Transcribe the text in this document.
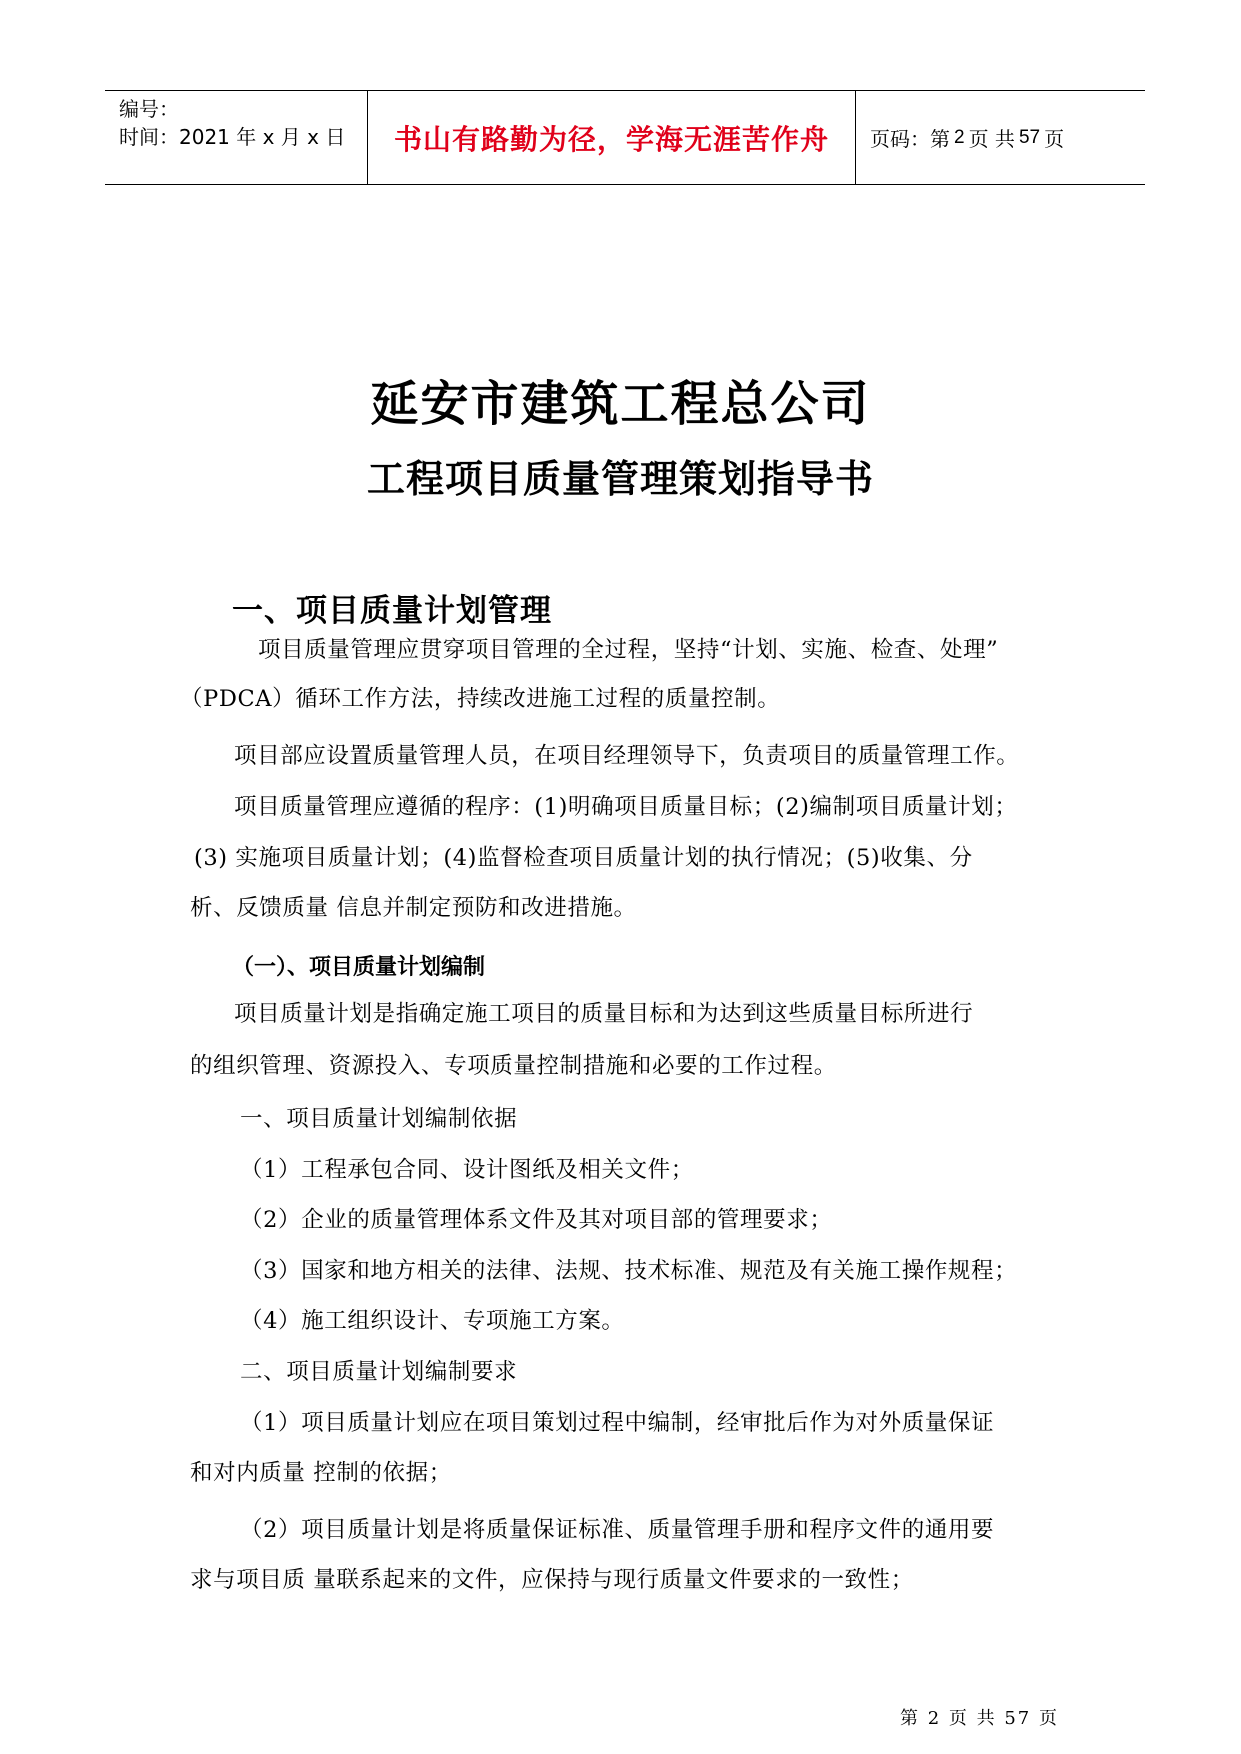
编号：
时间：2021 年 x 月 x 日	书山有路勤为径，学海无涯苦作舟 页码：第 2 页 共 57 页
延安市建筑工程总公司
工程项目质量管理策划指导书
一、项目质量计划管理
项目质量管理应贯穿项目管理的全过程，坚持“计划、实施、检查、处理”
（PDCA）循环工作方法，持续改进施工过程的质量控制。
项目部应设置质量管理人员，在项目经理领导下，负责项目的质量管理工作。
项目质量管理应遵循的程序：(1)明确项目质量目标；(2)编制项目质量计划；
(3) 实施项目质量计划；(4)监督检查项目质量计划的执行情况；(5)收集、分
析、反馈质量 信息并制定预防和改进措施。
（一）、项目质量计划编制
项目质量计划是指确定施工项目的质量目标和为达到这些质量目标所进行
的组织管理、资源投入、专项质量控制措施和必要的工作过程。
一、项目质量计划编制依据
（1）工程承包合同、设计图纸及相关文件；
（2）企业的质量管理体系文件及其对项目部的管理要求；
（3）国家和地方相关的法律、法规、技术标准、规范及有关施工操作规程；
（4）施工组织设计、专项施工方案。
二、项目质量计划编制要求
（1）项目质量计划应在项目策划过程中编制，经审批后作为对外质量保证
和对内质量 控制的依据；
（2）项目质量计划是将质量保证标准、质量管理手册和程序文件的通用要
求与项目质 量联系起来的文件，应保持与现行质量文件要求的一致性；
第 2 页 共 57 页
